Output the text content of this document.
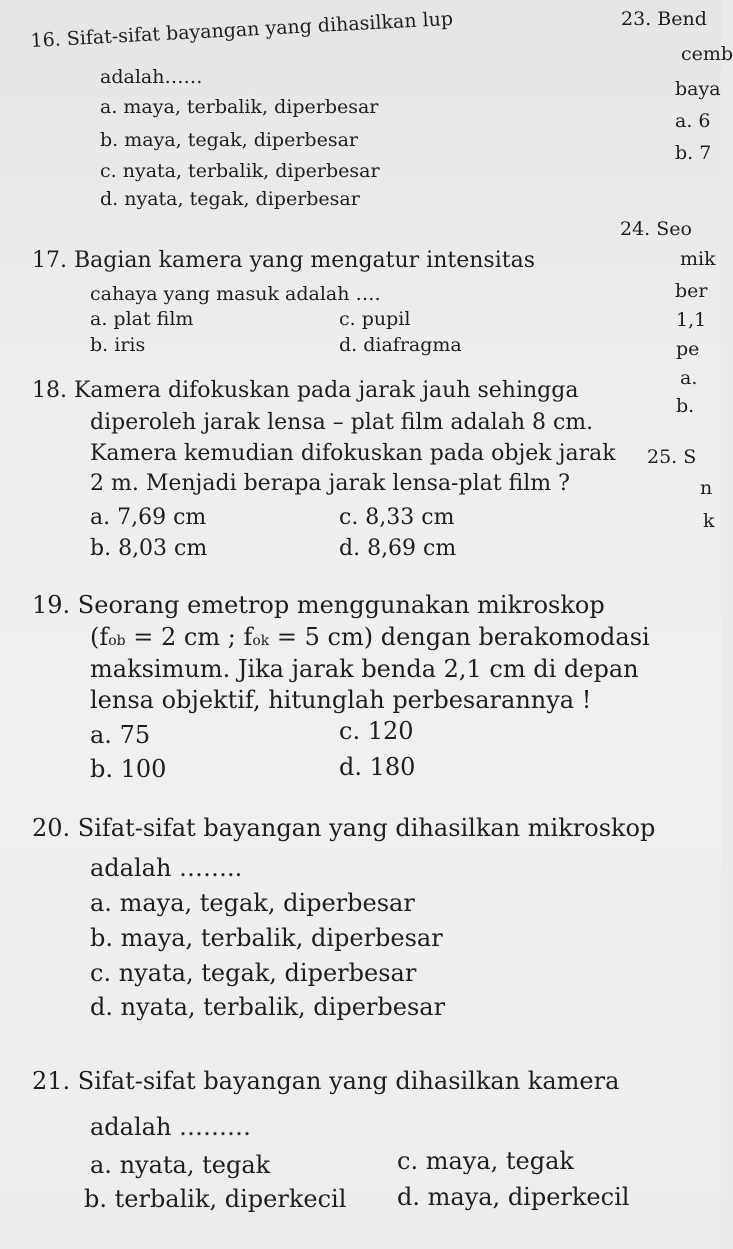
16. Sifat-sifat bayangan yang dihasilkan lup
adalah……
a. maya, terbalik, diperbesar
b. maya, tegak, diperbesar
c. nyata, terbalik, diperbesar
d. nyata, tegak, diperbesar
17. Bagian kamera yang mengatur intensitas
cahaya yang masuk adalah ….
a. plat film	c. pupil
b. iris	d. diafragma
18. Kamera difokuskan pada jarak jauh sehingga
diperoleh jarak lensa – plat film adalah 8 cm.
Kamera kemudian difokuskan pada objek jarak
2 m. Menjadi berapa jarak lensa-plat film ?
a. 7,69 cm	c. 8,33 cm
b. 8,03 cm	d. 8,69 cm
19. Seorang emetrop menggunakan mikroskop
(fob = 2 cm ; fok = 5 cm) dengan berakomodasi
maksimum. Jika jarak benda 2,1 cm di depan
lensa objektif, hitunglah perbesarannya !
a. 75	c. 120
b. 100	d. 180
20. Sifat-sifat bayangan yang dihasilkan mikroskop
adalah ……..
a. maya, tegak, diperbesar
b. maya, terbalik, diperbesar
c. nyata, tegak, diperbesar
d. nyata, terbalik, diperbesar
21. Sifat-sifat bayangan yang dihasilkan kamera
adalah ………
a. nyata, tegak	c. maya, tegak
b. terbalik, diperkecil d. maya, diperkecil
23. Bend
cemb
baya
a. 6
b. 7
24. Seo
mik
ber
1,1
pe
a.
b.
25. S
n
k
